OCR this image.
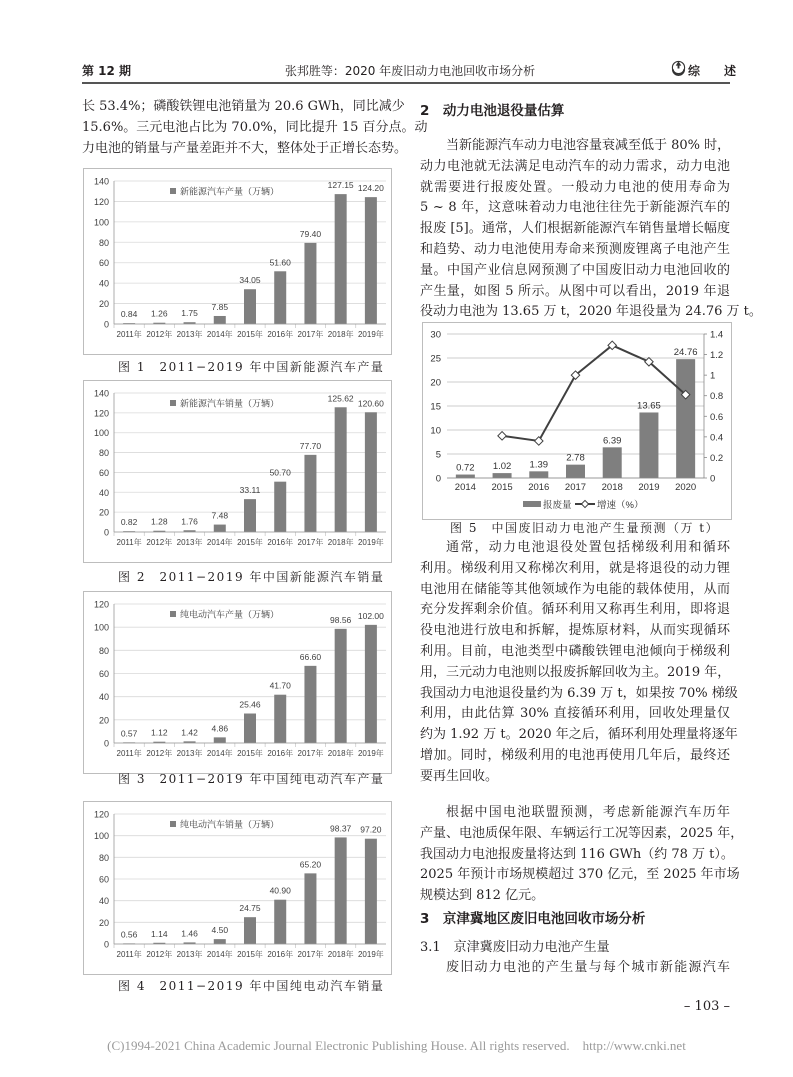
第 12 期	张邦胜等：2020 年废旧动力电池回收市场分析	综　　述
长 53.4%；磷酸铁锂电池销量为 20.6 GWh，同比减少
15.6%。三元电池占比为 70.0%，同比提升 15 百分点。动
力电池的销量与产量差距并不大，整体处于正增长态势。
0
20
40
60
80
100
120
140
0.84
2011年
1.26
2012年
1.75
2013年
7.85
2014年
34.05
2015年
51.60
2016年
79.40
2017年
127.15
2018年
124.20
2019年
新能源汽车产量（万辆）
图 1　2011−2019 年中国新能源汽车产量
0
20
40
60
80
100
120
140
0.82
2011年
1.28
2012年
1.76
2013年
7.48
2014年
33.11
2015年
50.70
2016年
77.70
2017年
125.62
2018年
120.60
2019年
新能源汽车销量（万辆）
图 2　2011−2019 年中国新能源汽车销量
0
20
40
60
80
100
120
0.57
2011年
1.12
2012年
1.42
2013年
4.86
2014年
25.46
2015年
41.70
2016年
66.60
2017年
98.56
2018年
102.00
2019年
纯电动汽车产量（万辆）
图 3　2011−2019 年中国纯电动汽车产量
0
20
40
60
80
100
120
0.56
2011年
1.14
2012年
1.46
2013年
4.50
2014年
24.75
2015年
40.90
2016年
65.20
2017年
98.37
2018年
97.20
2019年
纯电动汽车销量（万辆）
图 4　2011−2019 年中国纯电动汽车销量
2　动力电池退役量估算
当新能源汽车动力电池容量衰减至低于 80% 时，
动力电池就无法满足电动汽车的动力需求，动力电池
就需要进行报废处置。一般动力电池的使用寿命为
5 ~ 8 年，这意味着动力电池往往先于新能源汽车的
报废 [5]。通常，人们根据新能源汽车销售量增长幅度
和趋势、动力电池使用寿命来预测废锂离子电池产生
量。中国产业信息网预测了中国废旧动力电池回收的
产生量，如图 5 所示。从图中可以看出，2019 年退
役动力电池为 13.65 万 t，2020 年退役量为 24.76 万 t。
0
5
10
15
20
25
30
0
0.2
0.4
0.6
0.8
1
1.2
1.4
0.72
2014
1.02
2015
1.39
2016
2.78
2017
6.39
2018
13.65
2019
24.76
2020
报废量	增速（%）
图 5　中国废旧动力电池产生量预测（万 t）
通常，动力电池退役处置包括梯级利用和循环
利用。梯级利用又称梯次利用，就是将退役的动力锂
电池用在储能等其他领域作为电能的载体使用，从而
充分发挥剩余价值。循环利用又称再生利用，即将退
役电池进行放电和拆解，提炼原材料，从而实现循环
利用。目前，电池类型中磷酸铁锂电池倾向于梯级利
用，三元动力电池则以报废拆解回收为主。2019 年，
我国动力电池退役量约为 6.39 万 t，如果按 70% 梯级
利用，由此估算 30% 直接循环利用，回收处理量仅
约为 1.92 万 t。2020 年之后，循环利用处理量将逐年
增加。同时，梯级利用的电池再使用几年后，最终还
要再生回收。
根据中国电池联盟预测，考虑新能源汽车历年
产量、电池质保年限、车辆运行工况等因素，2025 年，
我国动力电池报废量将达到 116 GWh（约 78 万 t）。
2025 年预计市场规模超过 370 亿元，至 2025 年市场
规模达到 812 亿元。
3　京津冀地区废旧电池回收市场分析
3.1　京津冀废旧动力电池产生量
废旧动力电池的产生量与每个城市新能源汽车
– 103 –
(C)1994-2021 China Academic Journal Electronic Publishing House. All rights reserved.    http://www.cnki.net
